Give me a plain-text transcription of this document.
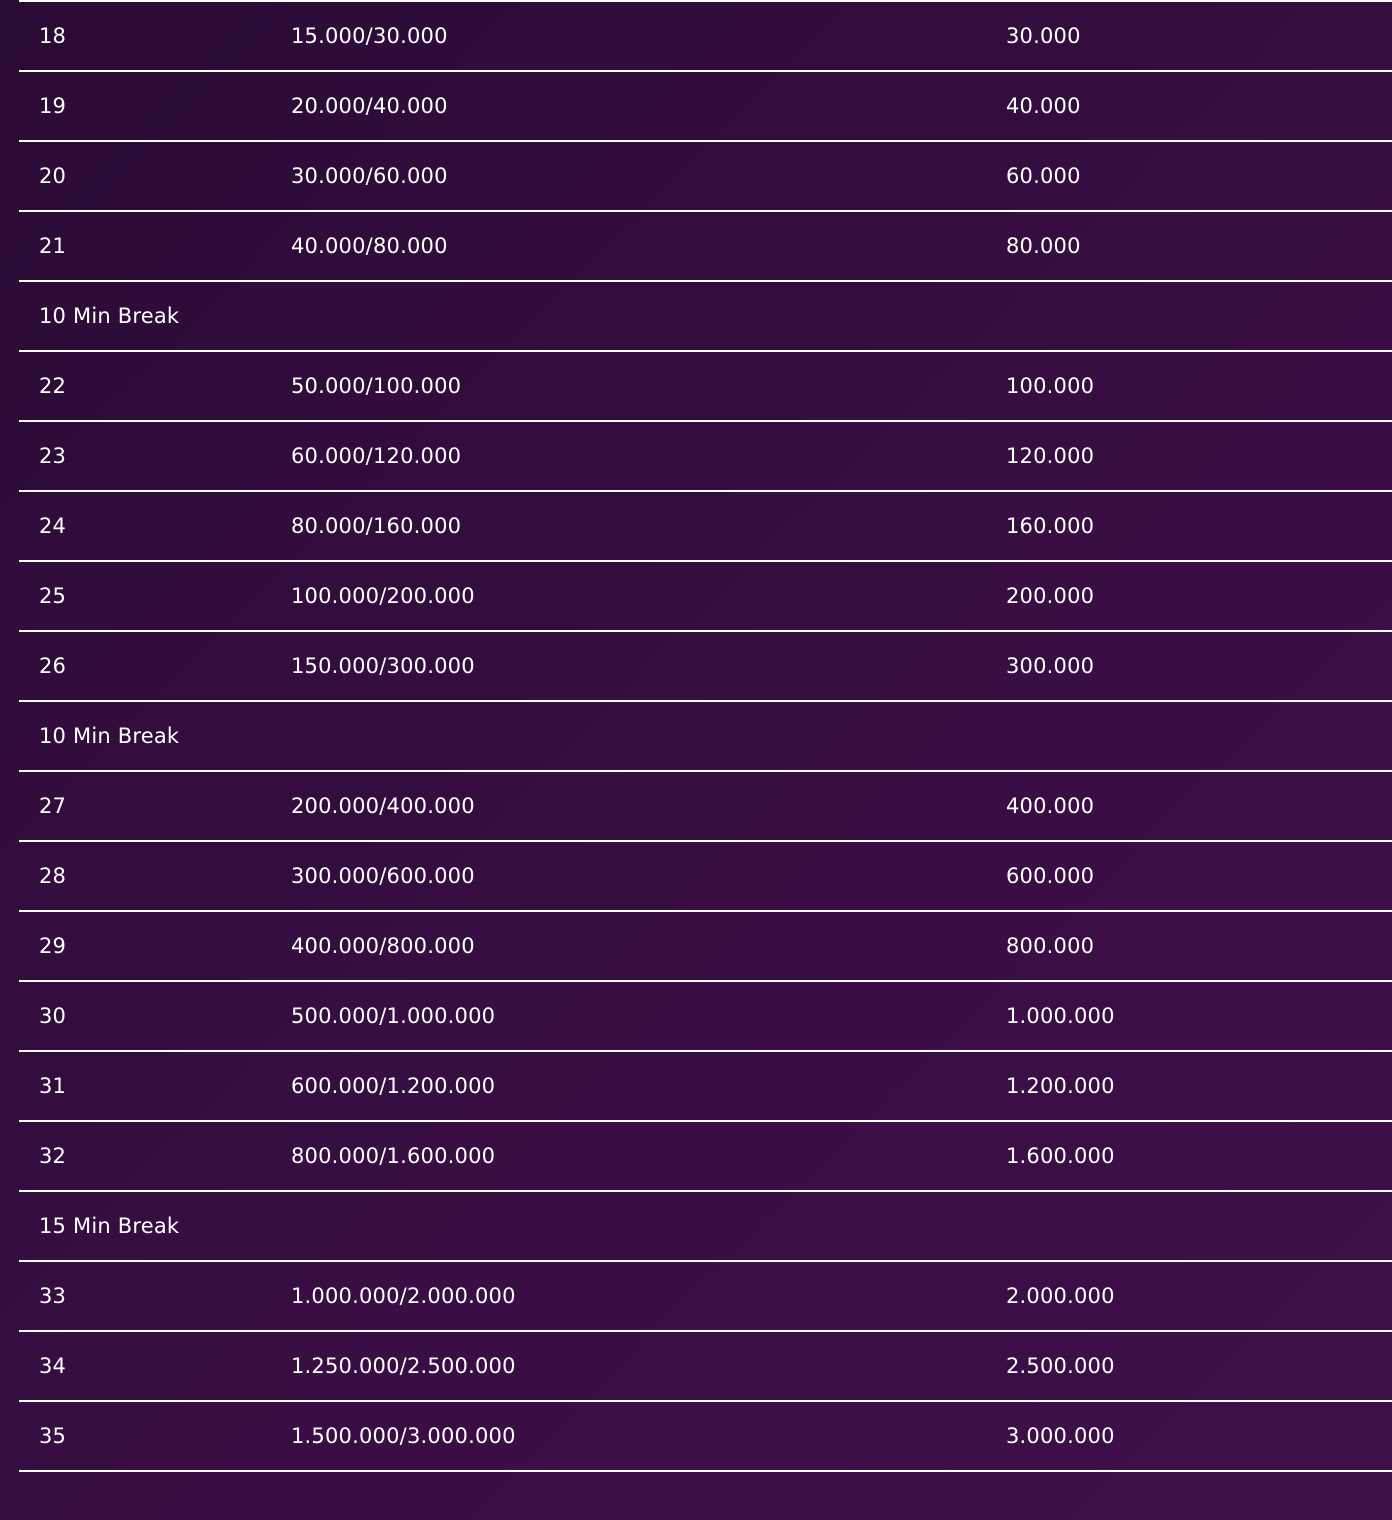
18	15.000/30.000	30.000
19	20.000/40.000	40.000
20	30.000/60.000	60.000
21	40.000/80.000	80.000
10 Min Break
22	50.000/100.000	100.000
23	60.000/120.000	120.000
24	80.000/160.000	160.000
25	100.000/200.000	200.000
26	150.000/300.000	300.000
10 Min Break
27	200.000/400.000	400.000
28	300.000/600.000	600.000
29	400.000/800.000	800.000
30	500.000/1.000.000	1.000.000
31	600.000/1.200.000	1.200.000
32	800.000/1.600.000	1.600.000
15 Min Break
33	1.000.000/2.000.000	2.000.000
34	1.250.000/2.500.000	2.500.000
35	1.500.000/3.000.000	3.000.000
